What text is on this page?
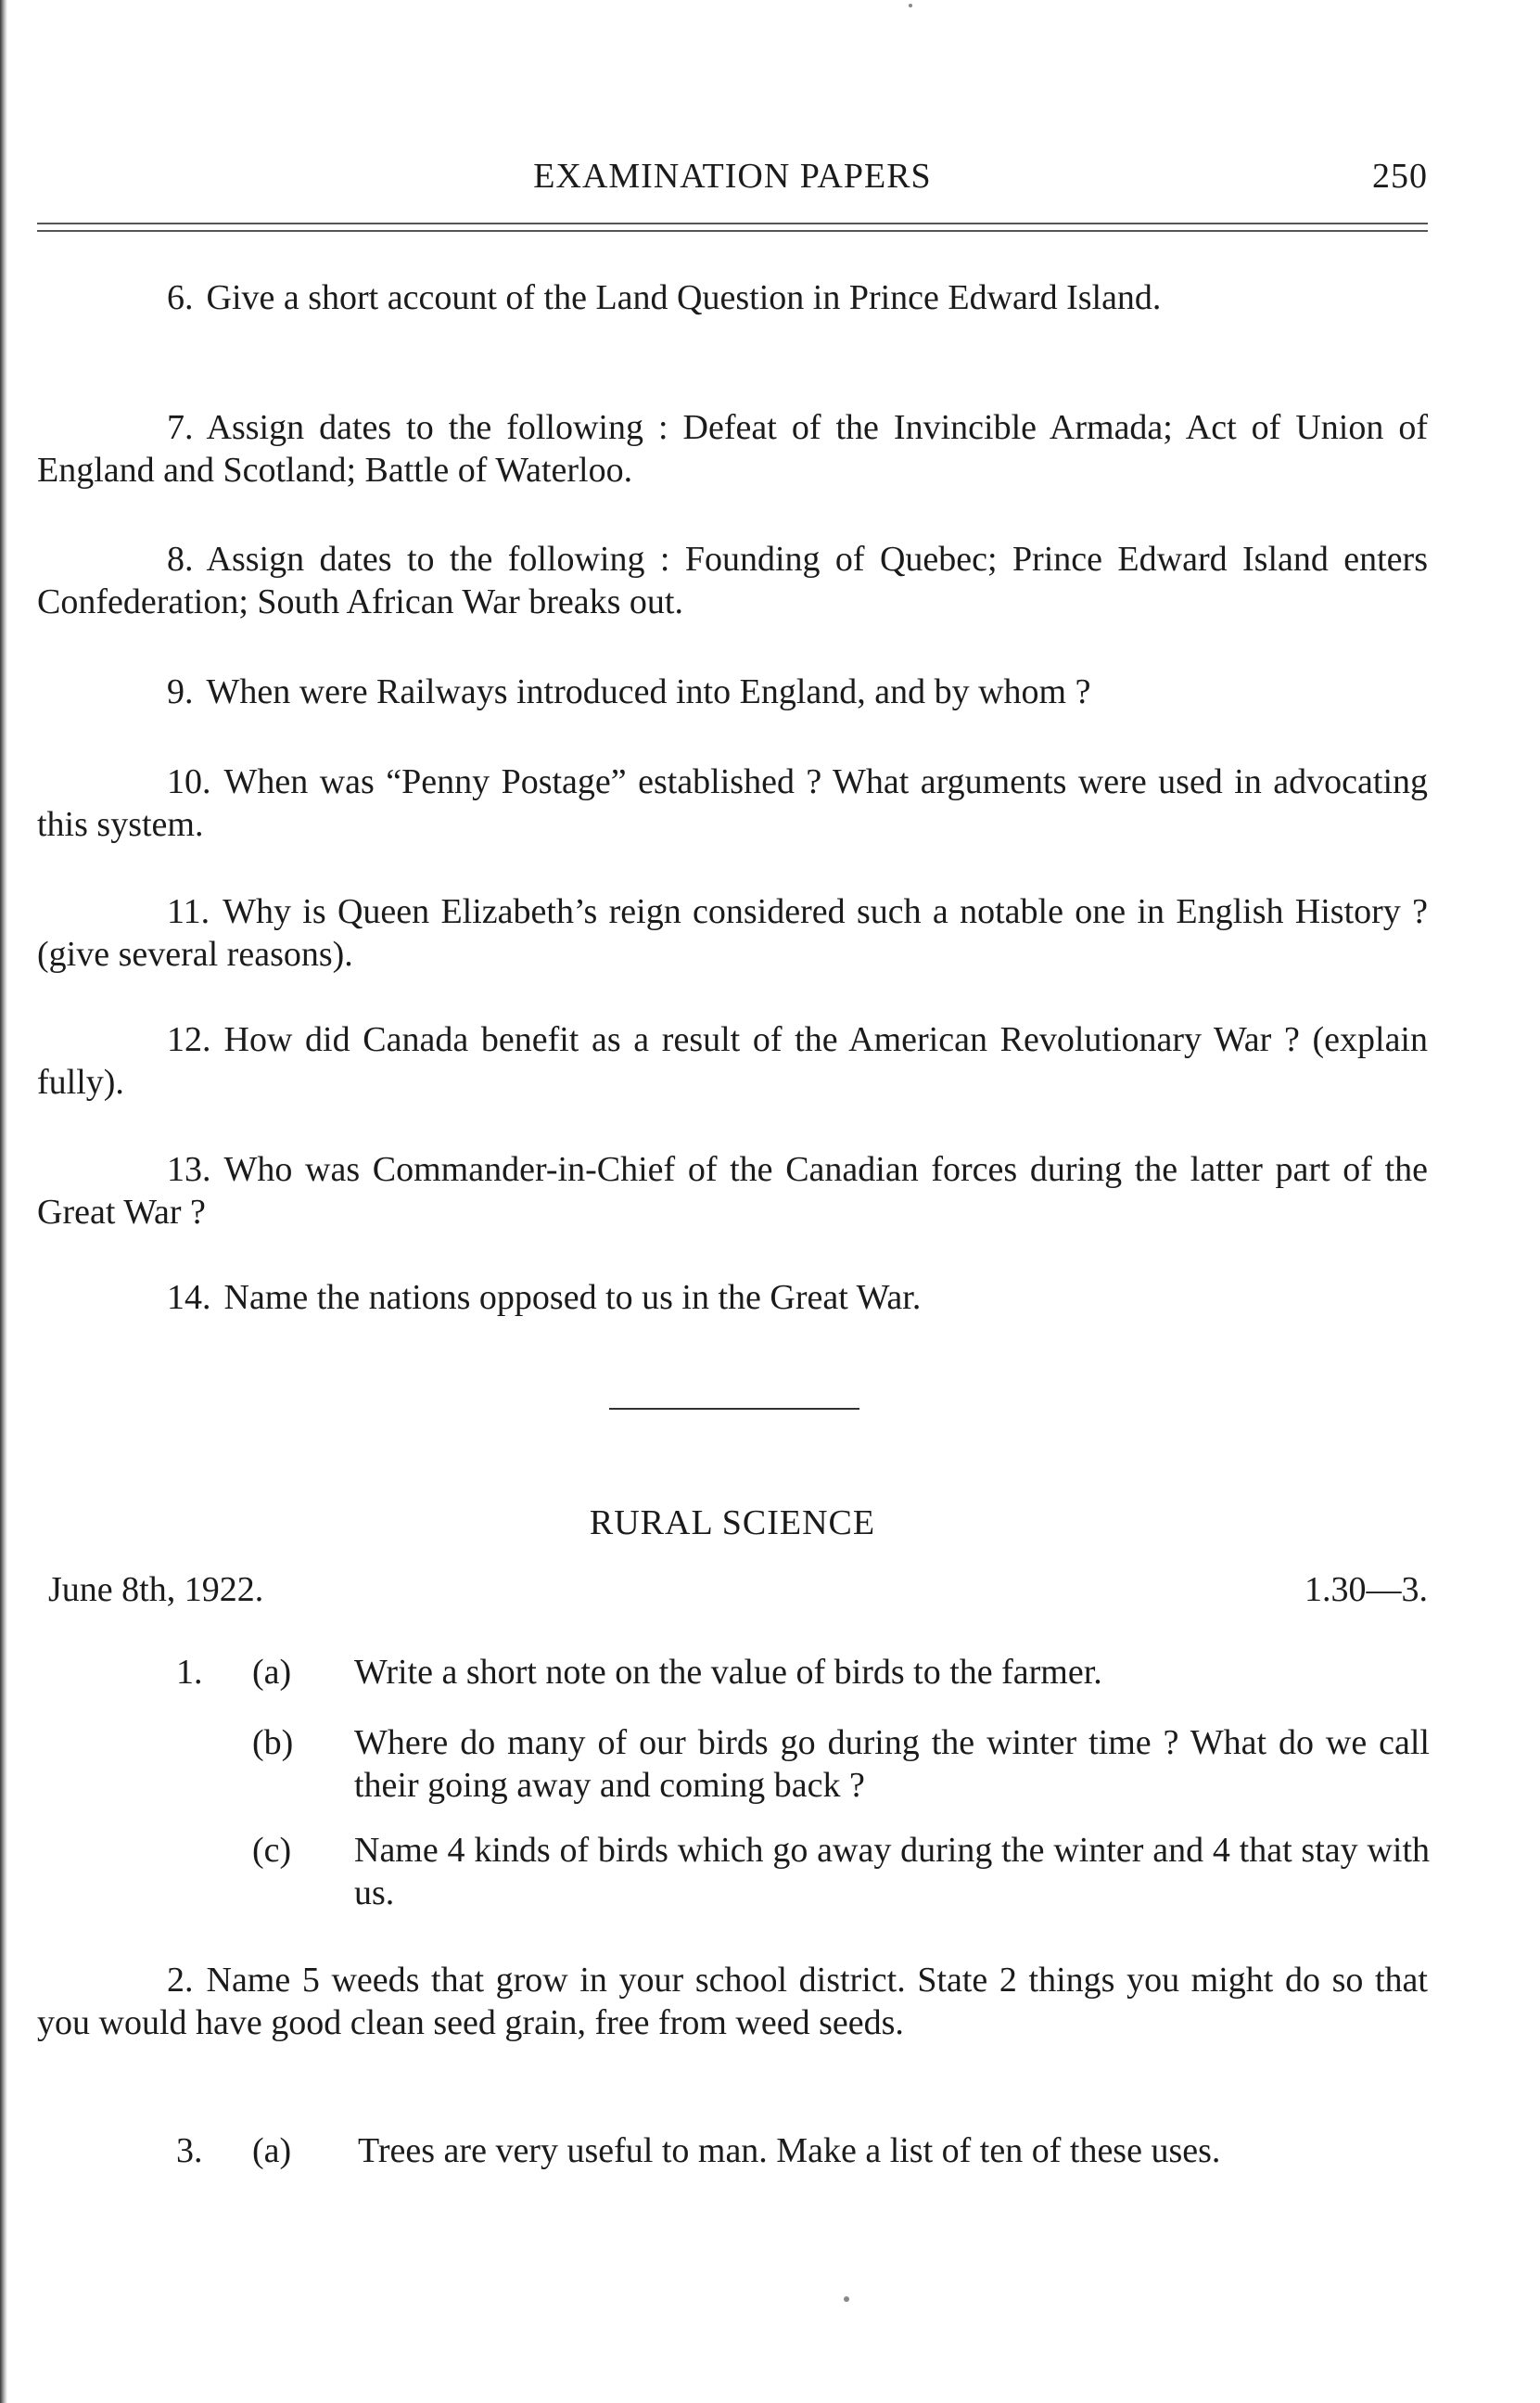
EXAMINATION PAPERS	250

6. Give a short account of the Land Question in Prince Edward Island.

7. Assign dates to the following : Defeat of the Invincible Armada; Act of Union of England and Scotland; Battle of Waterloo.

8. Assign dates to the following : Founding of Quebec; Prince Edward Island enters Confederation; South African War breaks out.

9. When were Railways introduced into England, and by whom ?

10. When was “Penny Postage” established ? What arguments were used in advocating this system.

11. Why is Queen Elizabeth’s reign considered such a notable one in English History ? (give several reasons).

12. How did Canada benefit as a result of the American Revolutionary War ? (explain fully).

13. Who was Commander-in-Chief of the Canadian forces during the latter part of the Great War ?

14. Name the nations opposed to us in the Great War.

RURAL SCIENCE
June 8th, 1922.	1.30—3.
1. (a) Write a short note on the value of birds to the farmer.
(b) Where do many of our birds go during the winter time ? What do we call their going away and coming back ?
(c) Name 4 kinds of birds which go away during the winter and 4 that stay with us.

2. Name 5 weeds that grow in your school district. State 2 things you might do so that you would have good clean seed grain, free from weed seeds.

3. (a) Trees are very useful to man. Make a list of ten of these uses.
